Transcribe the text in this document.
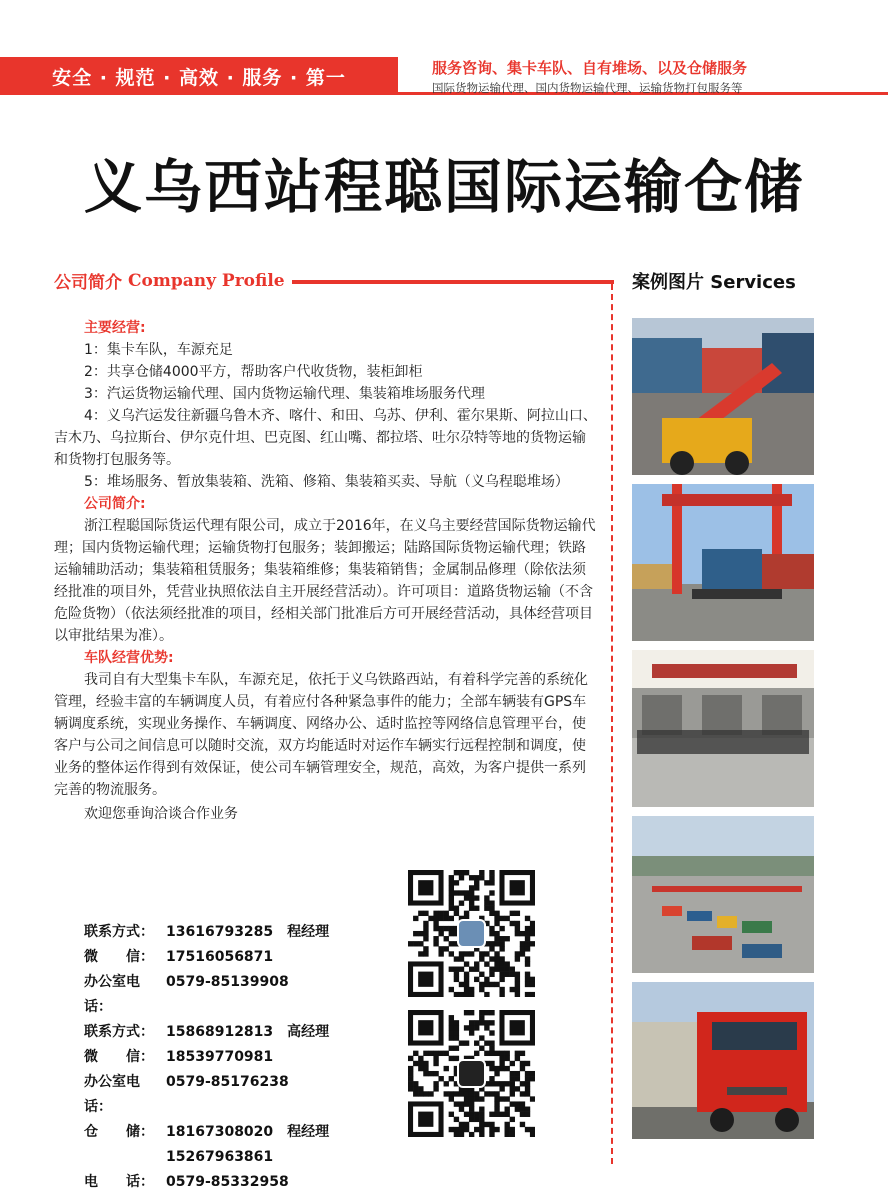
安全 · 规范 · 高效 · 服务 · 第一	服务咨询、集卡车队、自有堆场、以及仓储服务
国际货物运输代理、国内货物运输代理、运输货物打包服务等
义乌西站程聪国际运输仓储
公司简介 Company Profile	案例图片 Services

主要经营:

1：集卡车队，车源充足

2：共享仓储4000平方，帮助客户代收货物，装柜卸柜

3：汽运货物运输代理、国内货物运输代理、集装箱堆场服务代理

4：义乌汽运发往新疆乌鲁木齐、喀什、和田、乌苏、伊利、霍尔果斯、阿拉山口、吉木乃、乌拉斯台、伊尔克什坦、巴克图、红山嘴、都拉塔、吐尔尕特等地的货物运输和货物打包服务等。

5：堆场服务、暂放集装箱、洗箱、修箱、集装箱买卖、导航（义乌程聪堆场）

公司简介:

浙江程聪国际货运代理有限公司，成立于2016年，在义乌主要经营国际货物运输代理；国内货物运输代理；运输货物打包服务；装卸搬运；陆路国际货物运输代理；铁路运输辅助活动；集装箱租赁服务；集装箱维修；集装箱销售；金属制品修理（除依法须经批准的项目外，凭营业执照依法自主开展经营活动）。许可项目：道路货物运输（不含危险货物）（依法须经批准的项目，经相关部门批准后方可开展经营活动，具体经营项目以审批结果为准）。

车队经营优势:

我司自有大型集卡车队，车源充足，依托于义乌铁路西站，有着科学完善的系统化管理，经验丰富的车辆调度人员，有着应付各种紧急事件的能力；全部车辆装有GPS车辆调度系统，实现业务操作、车辆调度、网络办公、适时监控等网络信息管理平台，使客户与公司之间信息可以随时交流，双方均能适时对运作车辆实行远程控制和调度，使业务的整体运作得到有效保证，使公司车辆管理安全，规范，高效，为客户提供一系列完善的物流服务。

欢迎您垂询洽谈合作业务

联系方式： 13616793285 程经理
微　　信： 17516056871
办公室电话：
0579-85139908
联系方式： 15868912813 高经理
微　　信： 18539770981
办公室电话：
0579-85176238
仓　　储： 18167308020 程经理
15267963861
电　　话： 0579-85332958
